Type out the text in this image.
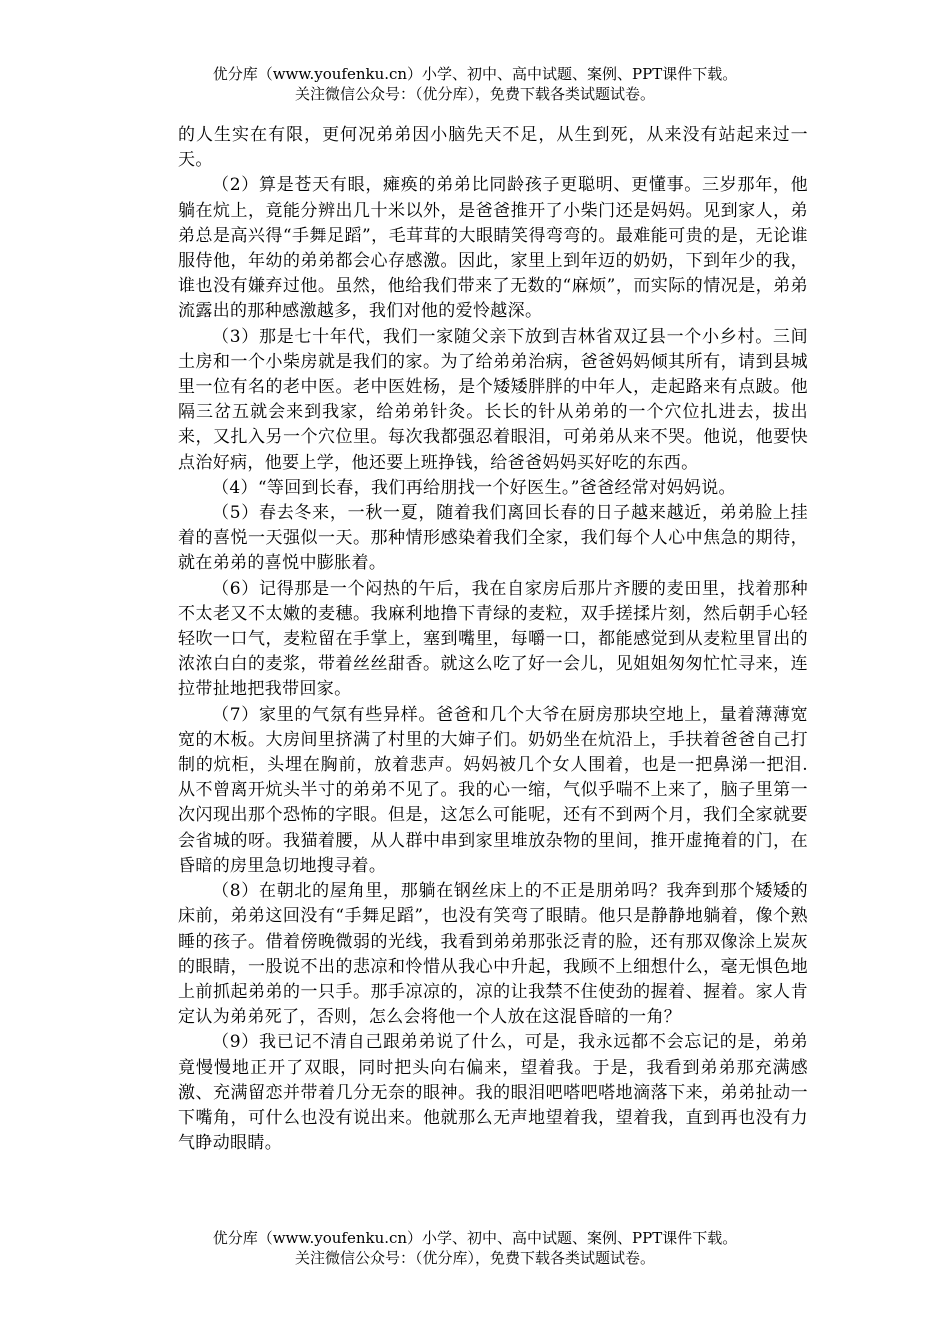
优分库（www.youfenku.cn）小学、初中、高中试题、案例、PPT课件下载。
关注微信公众号：（优分库），免费下载各类试题试卷。

的人生实在有限，更何况弟弟因小脑先天不足，从生到死，从来没有站起来过一天。

（2）算是苍天有眼，瘫痪的弟弟比同龄孩子更聪明、更懂事。三岁那年，他躺在炕上，竟能分辨出几十米以外，是爸爸推开了小柴门还是妈妈。见到家人，弟弟总是高兴得“手舞足蹈”，毛茸茸的大眼睛笑得弯弯的。最难能可贵的是，无论谁服侍他，年幼的弟弟都会心存感激。因此，家里上到年迈的奶奶，下到年少的我，谁也没有嫌弃过他。虽然，他给我们带来了无数的“麻烦”，而实际的情况是，弟弟流露出的那种感激越多，我们对他的爱怜越深。

（3）那是七十年代，我们一家随父亲下放到吉林省双辽县一个小乡村。三间土房和一个小柴房就是我们的家。为了给弟弟治病，爸爸妈妈倾其所有，请到县城里一位有名的老中医。老中医姓杨，是个矮矮胖胖的中年人，走起路来有点跛。他隔三岔五就会来到我家，给弟弟针灸。长长的针从弟弟的一个穴位扎进去，拔出来，又扎入另一个穴位里。每次我都强忍着眼泪，可弟弟从来不哭。他说，他要快点治好病，他要上学，他还要上班挣钱，给爸爸妈妈买好吃的东西。

（4）“等回到长春，我们再给朋找一个好医生。”爸爸经常对妈妈说。

（5）春去冬来，一秋一夏，随着我们离回长春的日子越来越近，弟弟脸上挂着的喜悦一天强似一天。那种情形感染着我们全家，我们每个人心中焦急的期待，就在弟弟的喜悦中膨胀着。

（6）记得那是一个闷热的午后，我在自家房后那片齐腰的麦田里，找着那种不太老又不太嫩的麦穗。我麻利地撸下青绿的麦粒，双手搓揉片刻，然后朝手心轻轻吹一口气，麦粒留在手掌上，塞到嘴里，每嚼一口，都能感觉到从麦粒里冒出的浓浓白白的麦浆，带着丝丝甜香。就这么吃了好一会儿，见姐姐匆匆忙忙寻来，连拉带扯地把我带回家。

（7）家里的气氛有些异样。爸爸和几个大爷在厨房那块空地上，量着薄薄宽宽的木板。大房间里挤满了村里的大婶子们。奶奶坐在炕沿上，手扶着爸爸自己打制的炕柜，头埋在胸前，放着悲声。妈妈被几个女人围着，也是一把鼻涕一把泪.从不曾离开炕头半寸的弟弟不见了。我的心一缩，气似乎喘不上来了，脑子里第一次闪现出那个恐怖的字眼。但是，这怎么可能呢，还有不到两个月，我们全家就要会省城的呀。我猫着腰，从人群中串到家里堆放杂物的里间，推开虚掩着的门，在昏暗的房里急切地搜寻着。

（8）在朝北的屋角里，那躺在钢丝床上的不正是朋弟吗？我奔到那个矮矮的床前，弟弟这回没有“手舞足蹈”，也没有笑弯了眼睛。他只是静静地躺着，像个熟睡的孩子。借着傍晚微弱的光线，我看到弟弟那张泛青的脸，还有那双像涂上炭灰的眼睛，一股说不出的悲凉和怜惜从我心中升起，我顾不上细想什么，毫无惧色地上前抓起弟弟的一只手。那手凉凉的，凉的让我禁不住使劲的握着、握着。家人肯定认为弟弟死了，否则，怎么会将他一个人放在这混昏暗的一角？

（9）我已记不清自己跟弟弟说了什么，可是，我永远都不会忘记的是，弟弟竟慢慢地正开了双眼，同时把头向右偏来，望着我。于是，我看到弟弟那充满感激、充满留恋并带着几分无奈的眼神。我的眼泪吧嗒吧嗒地滴落下来，弟弟扯动一下嘴角，可什么也没有说出来。他就那么无声地望着我，望着我，直到再也没有力气睁动眼睛。

优分库（www.youfenku.cn）小学、初中、高中试题、案例、PPT课件下载。
关注微信公众号：（优分库），免费下载各类试题试卷。
